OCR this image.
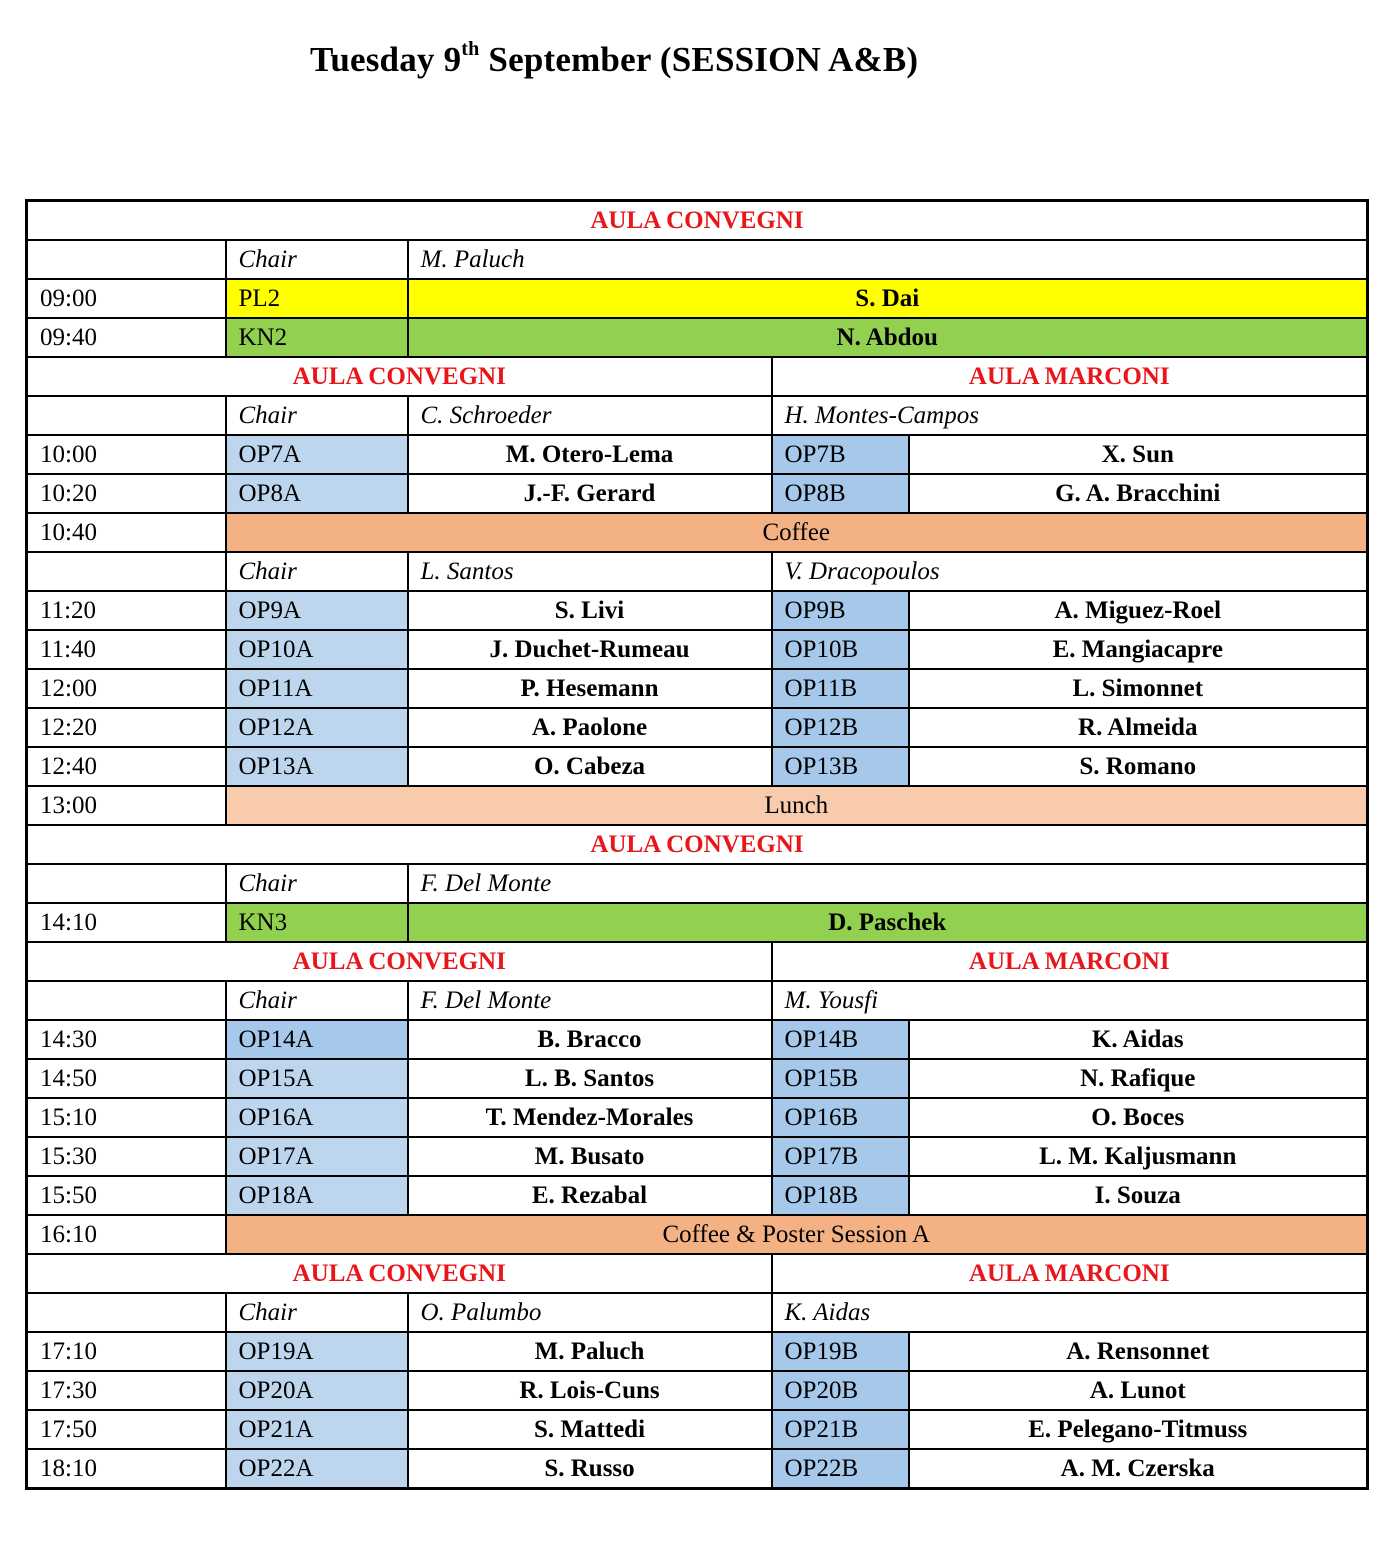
Tuesday 9th September (SESSION A&B)
AULA CONVEGNI				
	Chair	M. Paluch		
09:00	PL2	S. Dai		
09:40	KN2	N. Abdou		
AULA CONVEGNI			AULA MARCONI	
	Chair	C. Schroeder	H. Montes-Campos	
10:00	OP7A	M. Otero-Lema	OP7B	X. Sun
10:20	OP8A	J.-F. Gerard	OP8B	G. A. Bracchini
10:40	Coffee			
	Chair	L. Santos	V. Dracopoulos	
11:20	OP9A	S. Livi	OP9B	A. Miguez-Roel
11:40	OP10A	J. Duchet-Rumeau	OP10B	E. Mangiacapre
12:00	OP11A	P. Hesemann	OP11B	L. Simonnet
12:20	OP12A	A. Paolone	OP12B	R. Almeida
12:40	OP13A	O. Cabeza	OP13B	S. Romano
13:00	Lunch			
AULA CONVEGNI				
	Chair	F. Del Monte		
14:10	KN3	D. Paschek		
AULA CONVEGNI			AULA MARCONI	
	Chair	F. Del Monte	M. Yousfi	
14:30	OP14A	B. Bracco	OP14B	K. Aidas
14:50	OP15A	L. B. Santos	OP15B	N. Rafique
15:10	OP16A	T. Mendez-Morales	OP16B	O. Boces
15:30	OP17A	M. Busato	OP17B	L. M. Kaljusmann
15:50	OP18A	E. Rezabal	OP18B	I. Souza
16:10	Coffee & Poster Session A			
AULA CONVEGNI			AULA MARCONI	
	Chair	O. Palumbo	K. Aidas	
17:10	OP19A	M. Paluch	OP19B	A. Rensonnet
17:30	OP20A	R. Lois-Cuns	OP20B	A. Lunot
17:50	OP21A	S. Mattedi	OP21B	E. Pelegano-Titmuss
18:10	OP22A	S. Russo	OP22B	A. M. Czerska
